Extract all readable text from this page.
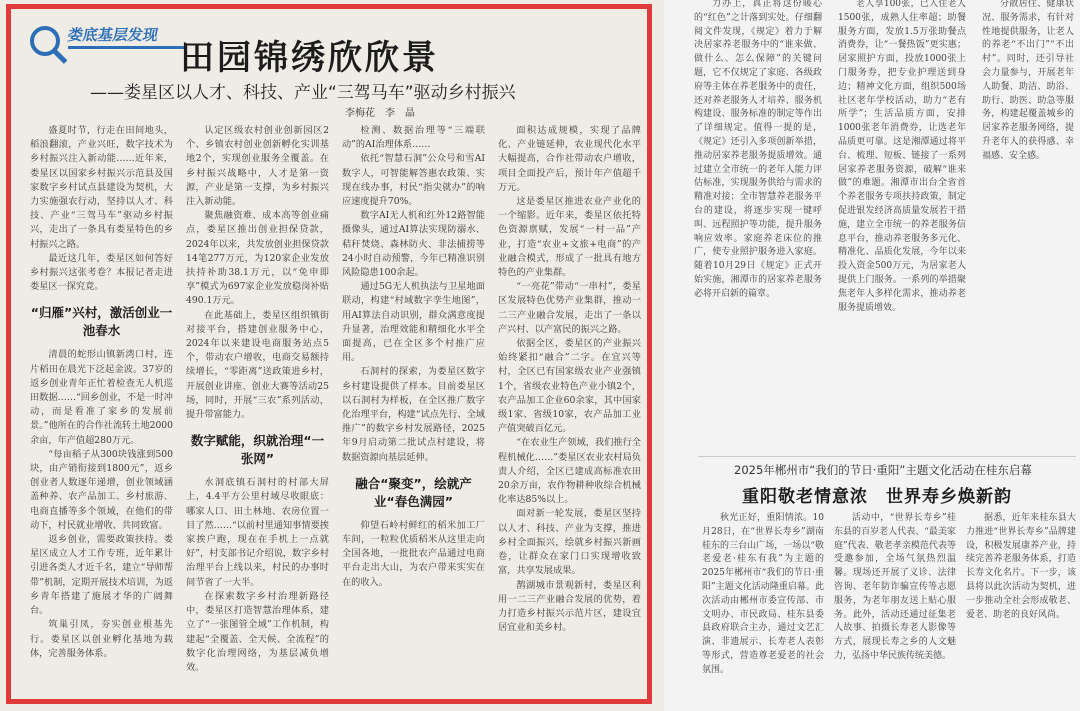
娄底基层发现
田园锦绣欣欣景
——娄星区以人才、科技、产业“三驾马车”驱动乡村振兴
李梅花　李　晶

盛夏时节，行走在田间地头，稻浪翻滚，产业兴旺，数字技术为乡村振兴注入新动能……近年来，娄星区以国家乡村振兴示范县及国家数字乡村试点县建设为契机，大力实施强农行动，坚持以人才、科技、产业“三驾马车”驱动乡村振兴，走出了一条具有娄星特色的乡村振兴之路。

最近这几年，娄星区如何答好乡村振兴这张考卷？本报记者走进娄星区一探究竟。

“归雁”兴村，激活创业一池春水

清晨的蛇形山镇新湾口村，连片稻田在晨光下泛起金波。37岁的返乡创业青年正忙着检查无人机巡田数据……“回乡创业，不是一时冲动，而是看准了家乡的发展前景。”他所在的合作社流转土地2000余亩，年产值超280万元。

“每亩稻子从300块钱涨到500块，由产销衔接到1800元”，返乡创业者人数逐年递增，创业领域涵盖种养、农产品加工、乡村旅游、电商直播等多个领域，在他们的带动下，村民就业增收、共同致富。

返乡创业，需要政策扶持。娄星区成立人才工作专班，近年累计引进各类人才近千名，建立“导师帮带”机制，定期开展技术培训，为返乡青年搭建了施展才华的广阔舞台。

筑巢引凤，夯实创业根基先行。娄星区以创业孵化基地为载体，完善服务体系。

认定区级农村创业创新园区2个、乡镇农村创业创新孵化实训基地2个，实现创业服务全覆盖。在乡村振兴战略中，人才是第一资源，产业是第一支撑，为乡村振兴注入新动能。

聚焦融资难、成本高等创业痛点，娄星区推出创业担保贷款，2024年以来，共发放创业担保贷款14笔277万元，为120家企业发放扶持补助38.1万元，以“免申即享”模式为697家企业发放稳岗补贴490.1万元。

在此基础上，娄星区组织镇街对接平台，搭建创业服务中心，2024年以来建设电商服务站点5个，带动农户增收，电商交易额持续增长，“零距离”送政策进乡村，开展创业讲座、创业大赛等活动25场，同时，开展“三农”系列活动，提升带富能力。

数字赋能，织就治理“一张网”

水洞底镇石洞村的村部大屏上，4.4平方公里村域尽收眼底：哪家人口、田土林地、农房位置一目了然……“以前村里通知事情要挨家挨户跑，现在在手机上一点就好”，村支部书记介绍说，数字乡村治理平台上线以来，村民的办事时间节省了一大半。

在探索数字乡村治理新路径中，娄星区打造智慧治理体系，建立了“一张图管全域”工作机制，构建起“全覆盖、全天候、全流程”的数字化治理网络，为基层减负增效。

检测、数据治理等“三端联动”的AI治理体系……

依托“智慧石洞”公众号和雪AI数字人，可智能解答惠农政策、实现在线办事，村民“指尖就办”的响应速度提升70%。

数字AI无人机和红外12路智能摄像头，通过AI算法实现防溺水、秸秆焚烧、森林防火、非法捕捞等24小时自动预警，今年已精准识别风险隐患100余起。

通过5G无人机执法与卫星地面联动，构建“村域数字孪生地图”，用AI算法自动识别，群众满意度提升显著，治理效能和精细化水平全面提高，已在全区多个村推广应用。

石洞村的探索，为娄星区数字乡村建设提供了样本。目前娄星区以石洞村为样板，在全区推广数字化治理平台，构建“试点先行、全域推广”的数字乡村发展路径，2025年9月启动第二批试点村建设，将数据资源向基层延伸。

融合“聚变”，绘就产业“春色满园”

仰望石岭村鲜红的稻米加工厂车间，一粒粒优质稻米从这里走向全国各地，一批批农产品通过电商平台走出大山，为农户带来实实在在的收入。

面积达成规模，实现了品牌化、产业链延伸，农业现代化水平大幅提高，合作社带动农户增收，项目全面投产后，预计年产值超千万元。

这是娄星区推进农业产业化的一个缩影。近年来，娄星区依托特色资源禀赋，发展“一村一品”产业，打造“农业+文旅+电商”的产业融合模式，形成了一批具有地方特色的产业集群。

“一亮花”带动“一串村”，娄星区发展特色优势产业集群，推动一二三产业融合发展，走出了一条以产兴村、以产富民的振兴之路。

依据全区，娄星区的产业振兴始终紧扣“融合”二字。在宜兴等村，全区已有国家级农业产业强镇1个，省级农业特色产业小镇2个，农产品加工企业60余家，其中国家级1家、省级10家，农产品加工业产值突破百亿元。

“在农业生产领域，我们推行全程机械化……”娄星区农业农村局负责人介绍，全区已建成高标准农田20余万亩，农作物耕种收综合机械化率达85%以上。

面对新一轮发展，娄星区坚持以人才、科技、产业为支撑，推进乡村全面振兴，绘就乡村振兴新画卷，让群众在家门口实现增收致富，共享发展成果。

鹊湖城市景观新村，娄星区利用一二三产业融合发展的优势，着力打造乡村振兴示范片区，建设宜居宜业和美乡村。

力办上，真正将这份暖心的“红色”之计落到实处。仔细翻阅文件发现，《规定》着力于解决居家养老服务中的“谁来做、做什么、怎么保障”的关键问题，它不仅规定了家庭、各级政府等主体在养老服务中的责任，还对养老服务人才培养、服务机构建设、服务标准的制定等作出了详细规定。值得一提的是，《规定》还引入多项创新举措，推动居家养老服务提质增效。通过建立全市统一的老年人能力评估标准，实现服务供给与需求的精准对接；全市智慧养老服务平台的建设，将逐步实现一键呼叫、远程照护等功能，提升服务响应效率。家庭养老床位的推广，使专业照护服务进入家庭。随着10月29日《规定》正式开始实施，湘潭市的居家养老服务必将开启新的篇章。

老人享100张，已入住老人1500张，成熟人住率超；助餐服务方面，发放1.5万张助餐点消费券，让“一餐热饭”更实惠；居家照护方面，投放1000张上门服务券，把专业护理送到身边；精神文化方面，组织500场社区老年学校活动，助力“老有所学”；生活品质方面，安排1000张老年消费券，让选老年品质更可靠。这是湘潭通过将平台、梳理、短板、链接了一系列居家养老服务资源，破解“谁来做”的难题。湘潭市出台全省首个养老服务专项扶持政策，制定促进银发经济高质量发展若干措施，建立全市统一的养老服务信息平台，推动养老服务多元化、精准化、品质化发展，今年以来投入资金500万元，为居家老人提供上门服务。一系列的举措聚焦老年人多样化需求，推动养老服务提质增效。

分散居住、健康状况、服务需求，有针对性地提供服务，让老人的养老“不出门”“不出村”。同时，还引导社会力量参与，开展老年人助餐、助洁、助浴、助行、助医、助急等服务，构建起覆盖城乡的居家养老服务网络，提升老年人的获得感、幸福感、安全感。

2025年郴州市“我们的节日·重阳”主题文化活动在桂东启幕
重阳敬老情意浓　世界寿乡焕新韵

秋光正好，重阳情浓。10月28日，在“世界长寿乡”湖南桂东的三台山广场，一场以“敬老爱老·桂东有我”为主题的2025年郴州市“我们的节日·重阳”主题文化活动隆重启幕。此次活动由郴州市委宣传部、市文明办、市民政局、桂东县委县政府联合主办，通过文艺汇演、非遗展示、长寿老人表彰等形式，营造尊老爱老的社会氛围。

活动中，“世界长寿乡”桂东县的百岁老人代表、“最美家庭”代表、敬老孝亲模范代表等受邀参加，全场气氛热烈温馨。现场还开展了义诊、法律咨询、老年防诈骗宣传等志愿服务，为老年朋友送上贴心服务。此外，活动还通过征集老人故事、拍摄长寿老人影像等方式，展现长寿之乡的人文魅力，弘扬中华民族传统美德。

据悉，近年来桂东县大力推进“世界长寿乡”品牌建设，积极发展康养产业，持续完善养老服务体系，打造长寿文化名片。下一步，该县将以此次活动为契机，进一步推动全社会形成敬老、爱老、助老的良好风尚。
